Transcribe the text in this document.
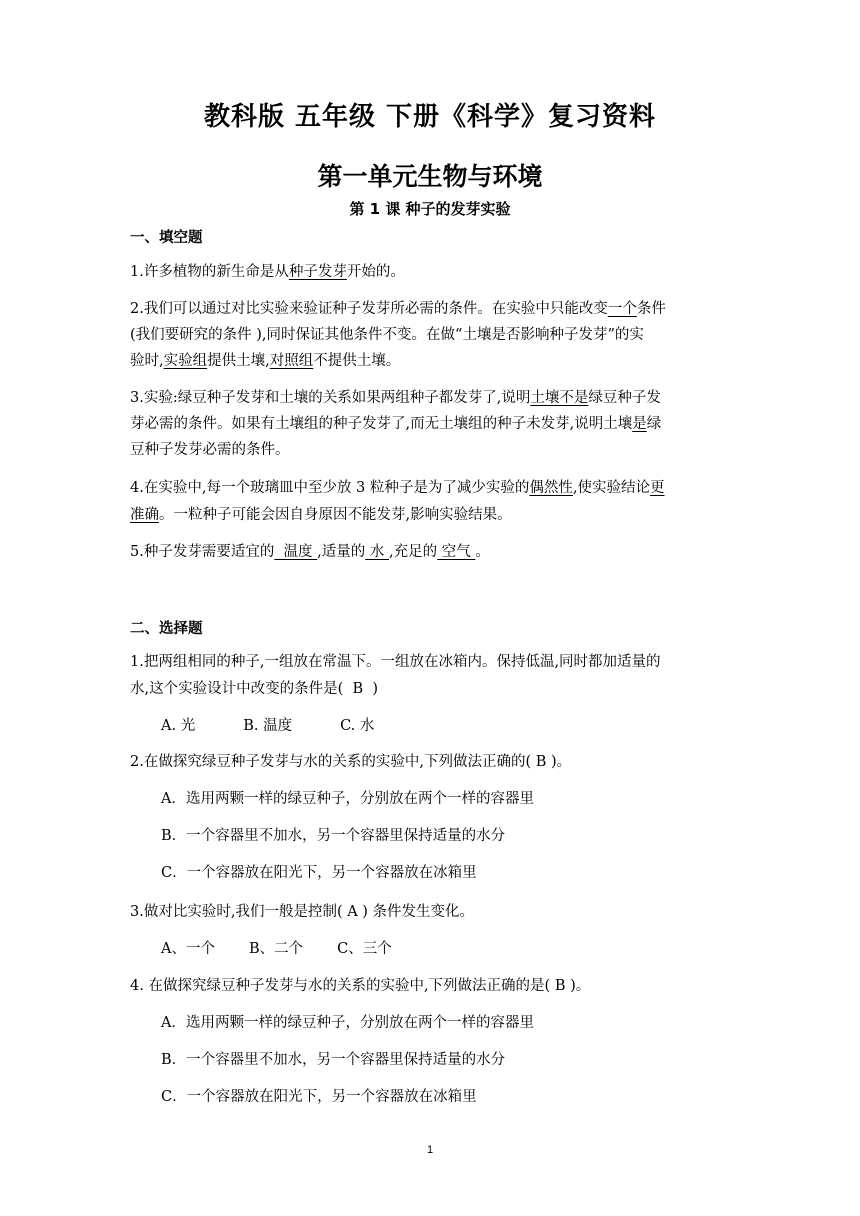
教科版 五年级 下册《科学》复习资料
第一单元生物与环境
第 1 课 种子的发芽实验
一、填空题
1.许多植物的新生命是从种子发芽开始的。
2.我们可以通过对比实验来验证种子发芽所必需的条件。在实验中只能改变一个条件
(我们要研究的条件 ),同时保证其他条件不变。在做“土壤是否影响种子发芽”的实
验时,实验组提供土壤,对照组不提供土壤。
3.实验:绿豆种子发芽和土壤的关系如果两组种子都发芽了,说明土壤不是绿豆种子发
芽必需的条件。如果有土壤组的种子发芽了,而无土壤组的种子未发芽,说明土壤是绿
豆种子发芽必需的条件。
4.在实验中,每一个玻璃皿中至少放 3 粒种子是为了减少实验的偶然性,使实验结论更
准确。一粒种子可能会因自身原因不能发芽,影响实验结果。
5.种子发芽需要适宜的  温度 ,适量的 水 ,充足的 空气 。
二、选择题
1.把两组相同的种子,一组放在常温下。一组放在冰箱内。保持低温,同时都加适量的
水,这个实验设计中改变的条件是(  B  )
A. 光	B. 温度	C. 水
2.在做探究绿豆种子发芽与水的关系的实验中,下列做法正确的( B )。
A．选用两颗一样的绿豆种子，分别放在两个一样的容器里
B．一个容器里不加水，另一个容器里保持适量的水分
C．一个容器放在阳光下，另一个容器放在冰箱里
3.做对比实验时,我们一般是控制( A ) 条件发生变化。
A、一个 B、二个 C、三个
4. 在做探究绿豆种子发芽与水的关系的实验中,下列做法正确的是( B )。
A．选用两颗一样的绿豆种子，分别放在两个一样的容器里
B．一个容器里不加水，另一个容器里保持适量的水分
C．一个容器放在阳光下，另一个容器放在冰箱里
1
